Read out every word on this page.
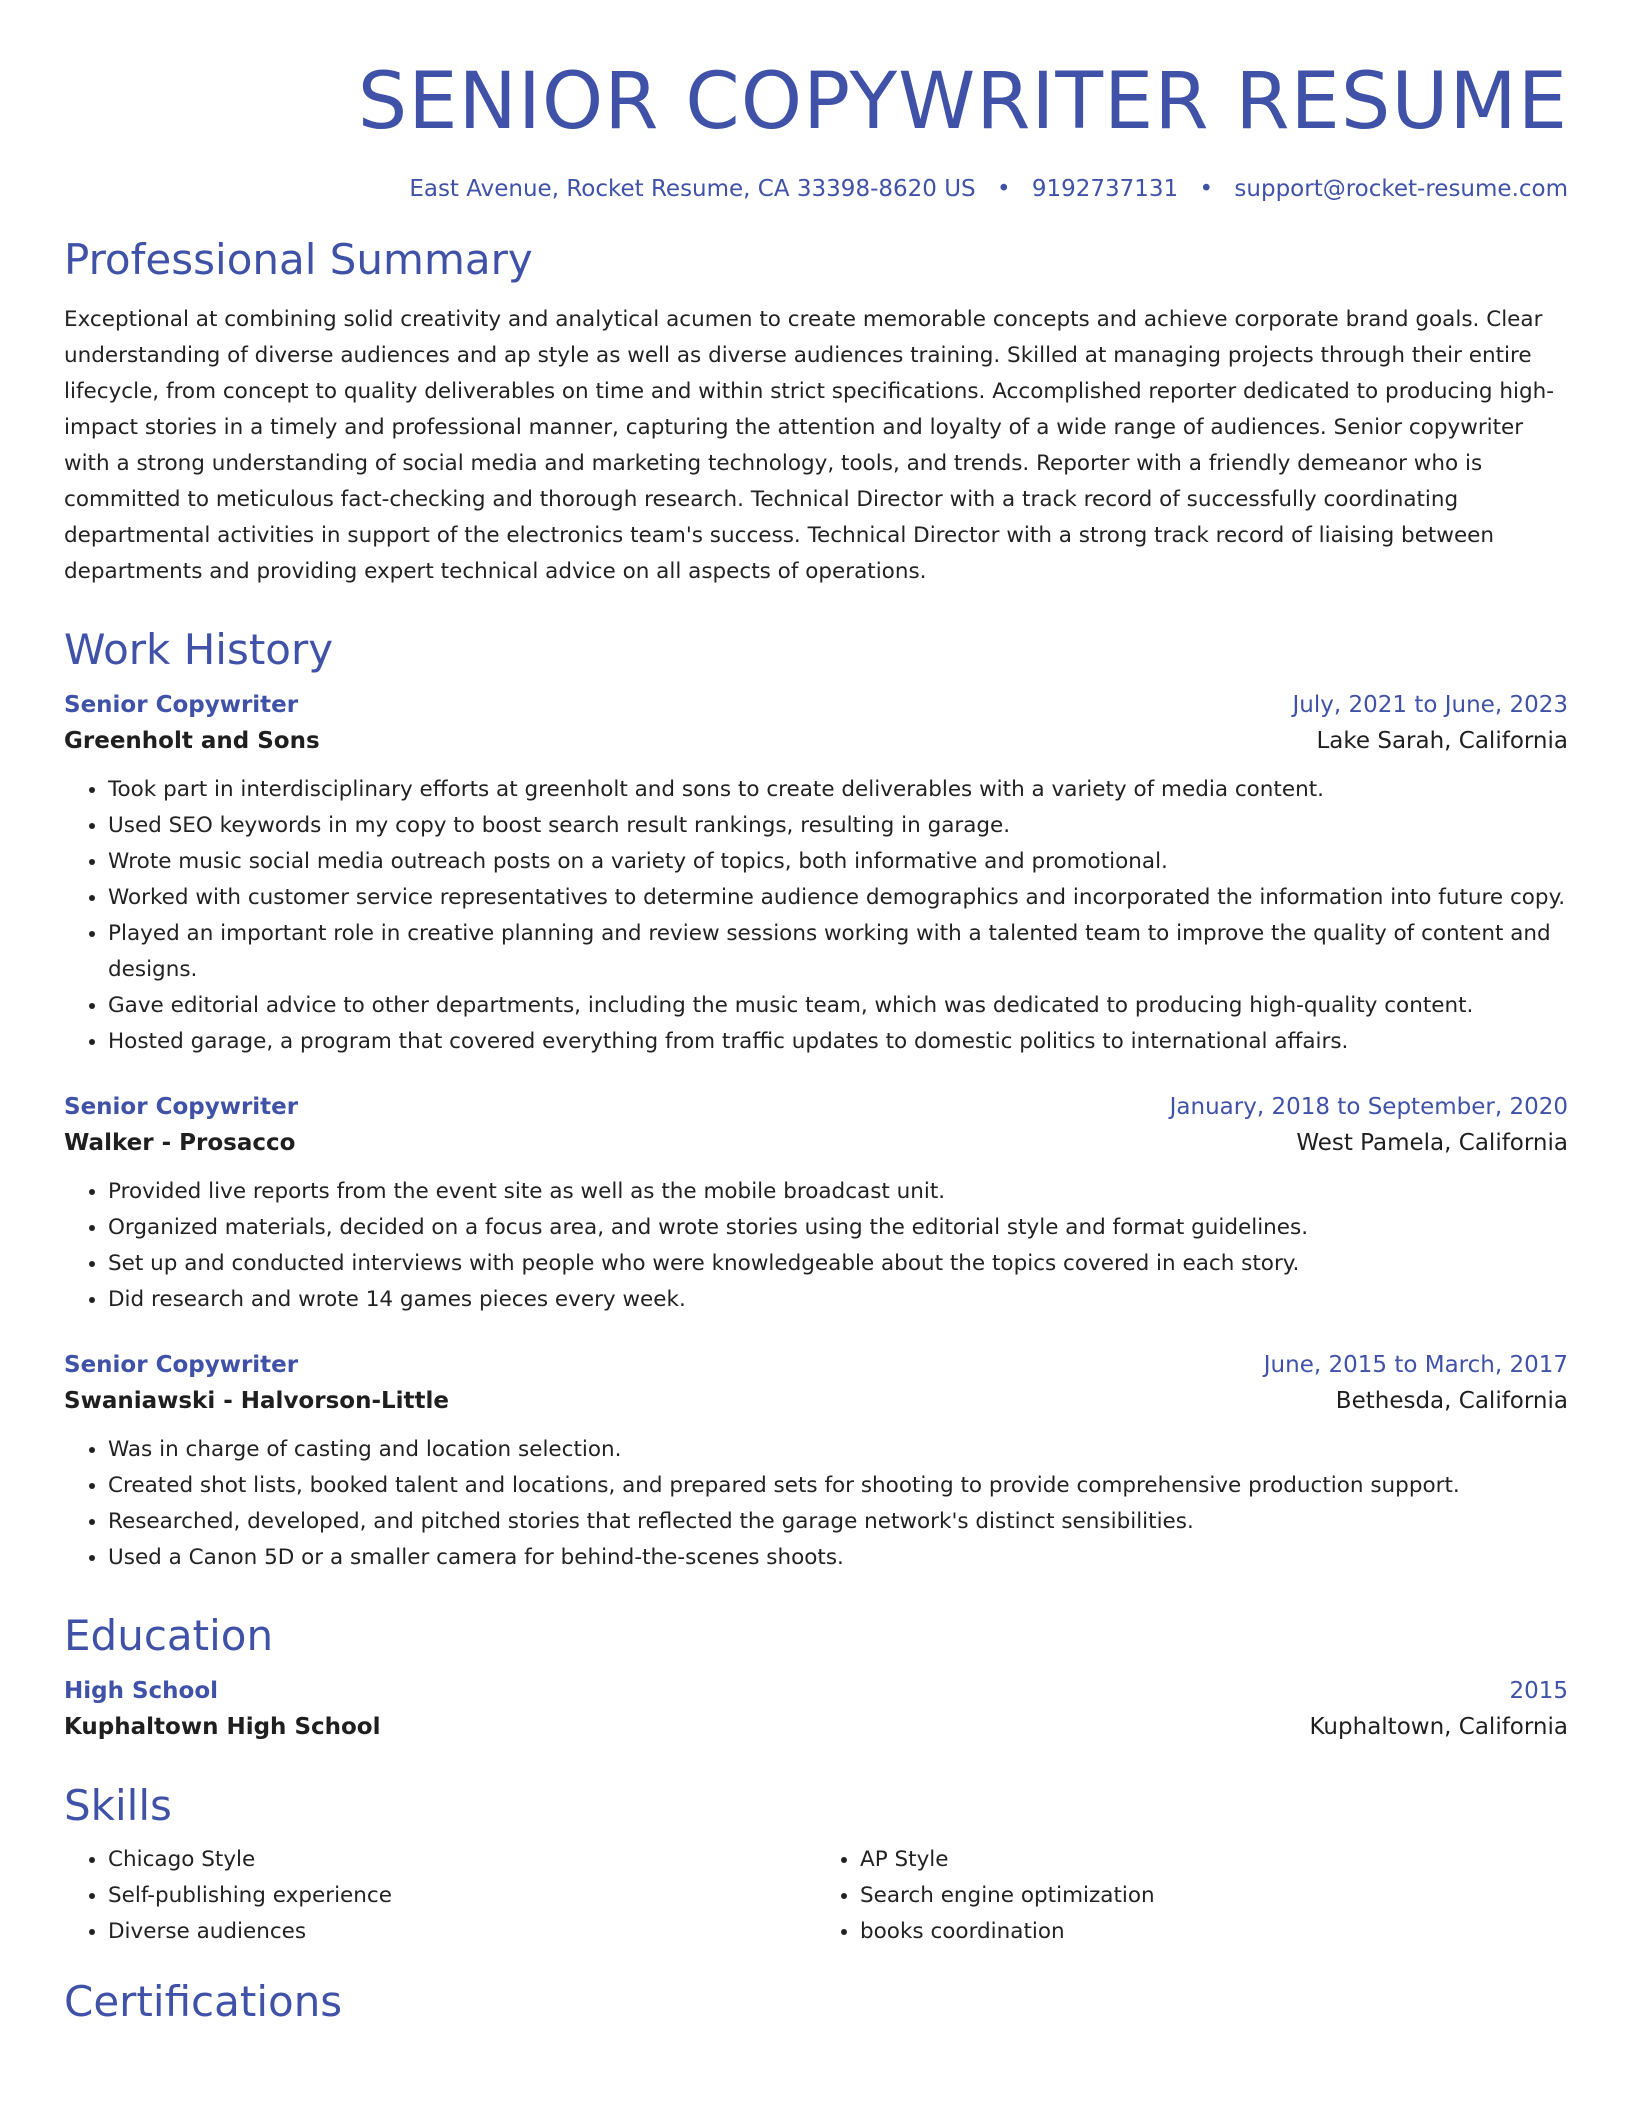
SENIOR COPYWRITER RESUME
East Avenue, Rocket Resume, CA 33398-8620 US • 9192737131 • support@rocket-resume.com
Professional Summary

Exceptional at combining solid creativity and analytical acumen to create memorable concepts and achieve corporate brand goals. Clear understanding of diverse audiences and ap style as well as diverse audiences training. Skilled at managing projects through their entire lifecycle, from concept to quality deliverables on time and within strict specifications. Accomplished reporter dedicated to producing high-impact stories in a timely and professional manner, capturing the attention and loyalty of a wide range of audiences. Senior copywriter with a strong understanding of social media and marketing technology, tools, and trends. Reporter with a friendly demeanor who is committed to meticulous fact-checking and thorough research. Technical Director with a track record of successfully coordinating departmental activities in support of the electronics team's success. Technical Director with a strong track record of liaising between departments and providing expert technical advice on all aspects of operations.

Work History
Senior Copywriter	July, 2021 to June, 2023
Greenholt and Sons	Lake Sarah, California
• Took part in interdisciplinary efforts at greenholt and sons to create deliverables with a variety of media content.
• Used SEO keywords in my copy to boost search result rankings, resulting in garage.
• Wrote music social media outreach posts on a variety of topics, both informative and promotional.
• Worked with customer service representatives to determine audience demographics and incorporated the information into future copy.
• Played an important role in creative planning and review sessions working with a talented team to improve the quality of content and designs.
• Gave editorial advice to other departments, including the music team, which was dedicated to producing high-quality content.
• Hosted garage, a program that covered everything from traffic updates to domestic politics to international affairs.
Senior Copywriter	January, 2018 to September, 2020
Walker - Prosacco	West Pamela, California
• Provided live reports from the event site as well as the mobile broadcast unit.
• Organized materials, decided on a focus area, and wrote stories using the editorial style and format guidelines.
• Set up and conducted interviews with people who were knowledgeable about the topics covered in each story.
• Did research and wrote 14 games pieces every week.
Senior Copywriter	June, 2015 to March, 2017
Swaniawski - Halvorson-Little	Bethesda, California
• Was in charge of casting and location selection.
• Created shot lists, booked talent and locations, and prepared sets for shooting to provide comprehensive production support.
• Researched, developed, and pitched stories that reflected the garage network's distinct sensibilities.
• Used a Canon 5D or a smaller camera for behind-the-scenes shoots.
Education
High School	2015
Kuphaltown High School	Kuphaltown, California
Skills
• Chicago Style
• Self-publishing experience
• Diverse audiences
• AP Style
• Search engine optimization
• books coordination
Certifications
